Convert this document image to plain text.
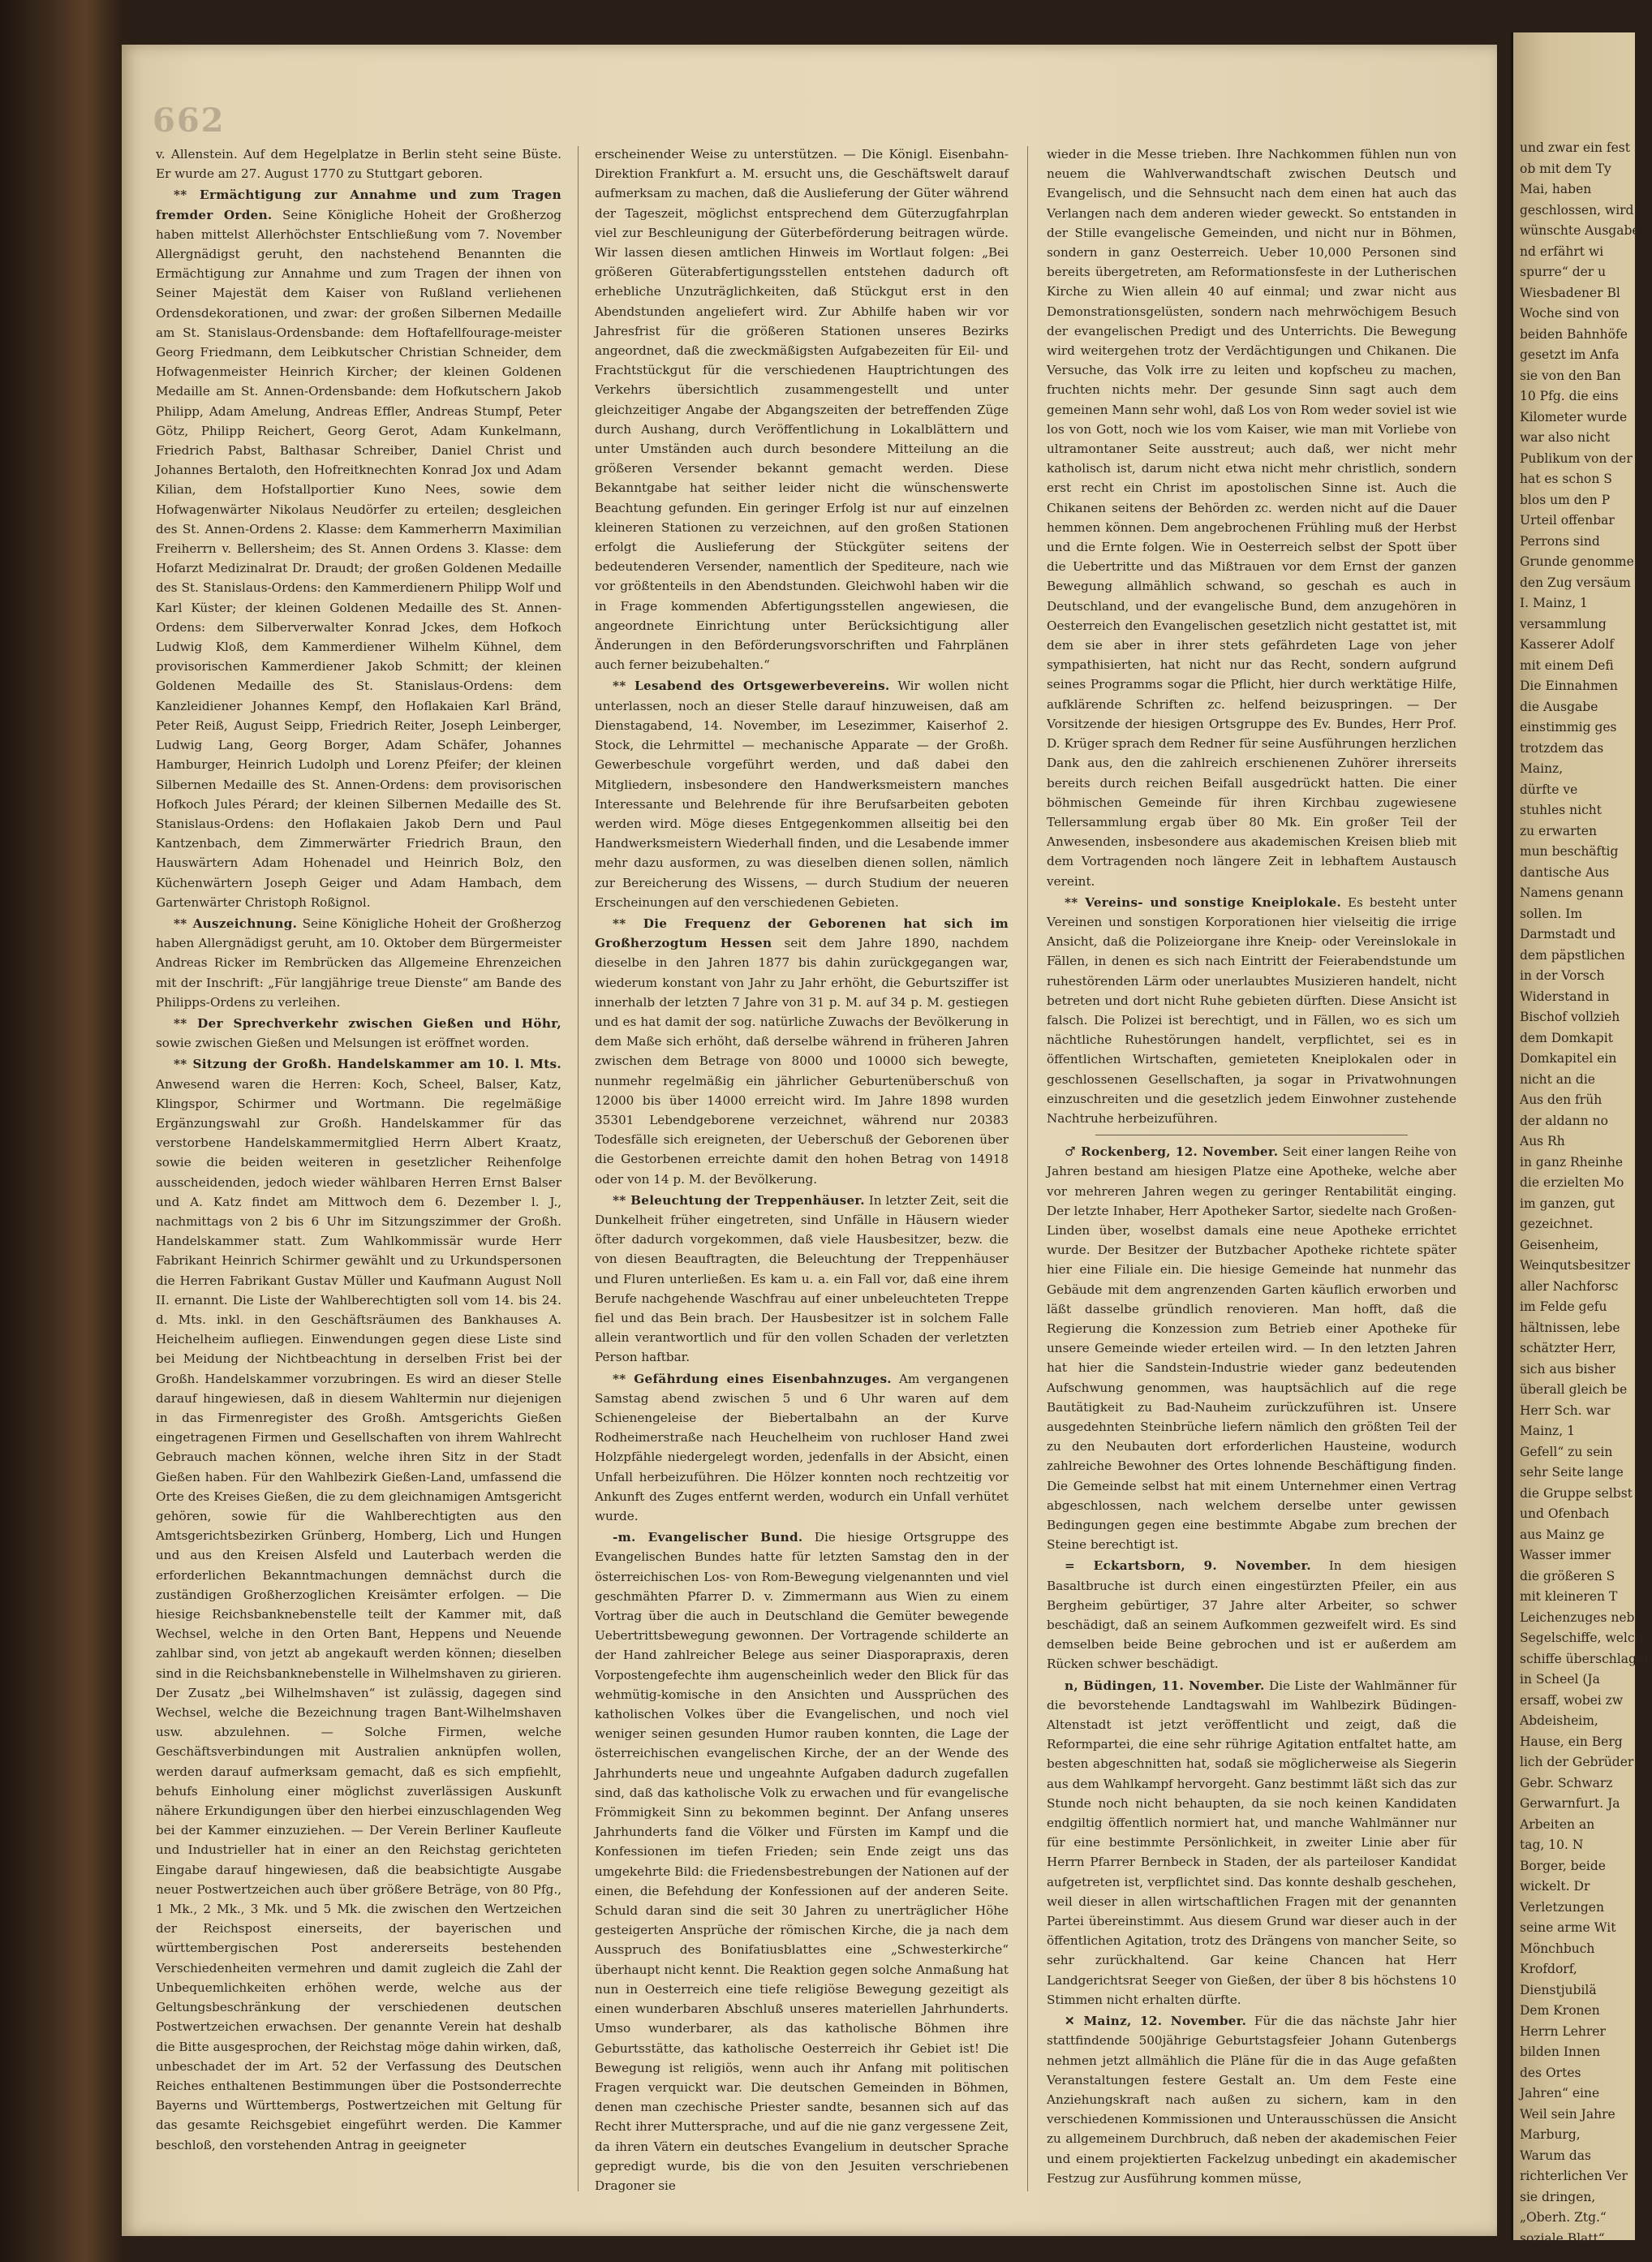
662

v. Allenstein. Auf dem Hegelplatze in Berlin steht seine Büste. Er wurde am 27. August 1770 zu Stuttgart geboren.

** Ermächtigung zur Annahme und zum Tragen fremder Orden. Seine Königliche Hoheit der Großherzog haben mittelst Allerhöchster Entschließung vom 7. November Allergnädigst geruht, den nachstehend Benannten die Ermächtigung zur Annahme und zum Tragen der ihnen von Seiner Majestät dem Kaiser von Rußland verliehenen Ordensdekorationen, und zwar: der großen Silbernen Medaille am St. Stanislaus-Ordensbande: dem Hoftafellfourage-meister Georg Friedmann, dem Leibkutscher Christian Schneider, dem Hofwagenmeister Heinrich Kircher; der kleinen Goldenen Medaille am St. Annen-Ordensbande: dem Hofkutschern Jakob Philipp, Adam Amelung, Andreas Effler, Andreas Stumpf, Peter Götz, Philipp Reichert, Georg Gerot, Adam Kunkelmann, Friedrich Pabst, Balthasar Schreiber, Daniel Christ und Johannes Bertaloth, den Hofreitknechten Konrad Jox und Adam Kilian, dem Hofstallportier Kuno Nees, sowie dem Hofwagenwärter Nikolaus Neudörfer zu erteilen; desgleichen des St. Annen-Ordens 2. Klasse: dem Kammerherrn Maximilian Freiherrn v. Bellersheim; des St. Annen Ordens 3. Klasse: dem Hofarzt Medizinalrat Dr. Draudt; der großen Goldenen Medaille des St. Stanislaus-Ordens: den Kammerdienern Philipp Wolf und Karl Küster; der kleinen Goldenen Medaille des St. Annen-Ordens: dem Silberverwalter Konrad Jckes, dem Hofkoch Ludwig Kloß, dem Kammerdiener Wilhelm Kühnel, dem provisorischen Kammerdiener Jakob Schmitt; der kleinen Goldenen Medaille des St. Stanislaus-Ordens: dem Kanzleidiener Johannes Kempf, den Hoflakaien Karl Bränd, Peter Reiß, August Seipp, Friedrich Reiter, Joseph Leinberger, Ludwig Lang, Georg Borger, Adam Schäfer, Johannes Hamburger, Heinrich Ludolph und Lorenz Pfeifer; der kleinen Silbernen Medaille des St. Annen-Ordens: dem provisorischen Hofkoch Jules Pérard; der kleinen Silbernen Medaille des St. Stanislaus-Ordens: den Hoflakaien Jakob Dern und Paul Kantzenbach, dem Zimmerwärter Friedrich Braun, den Hauswärtern Adam Hohenadel und Heinrich Bolz, den Küchenwärtern Joseph Geiger und Adam Hambach, dem Gartenwärter Christoph Roßignol.

** Auszeichnung. Seine Königliche Hoheit der Großherzog haben Allergnädigst geruht, am 10. Oktober dem Bürgermeister Andreas Ricker im Rembrücken das Allgemeine Ehrenzeichen mit der Inschrift: „Für langjährige treue Dienste“ am Bande des Philipps-Ordens zu verleihen.

** Der Sprechverkehr zwischen Gießen und Höhr, sowie zwischen Gießen und Melsungen ist eröffnet worden.

** Sitzung der Großh. Handelskammer am 10. l. Mts. Anwesend waren die Herren: Koch, Scheel, Balser, Katz, Klingspor, Schirmer und Wortmann. Die regelmäßige Ergänzungswahl zur Großh. Handelskammer für das verstorbene Handelskammermitglied Herrn Albert Kraatz, sowie die beiden weiteren in gesetzlicher Reihenfolge ausscheidenden, jedoch wieder wählbaren Herren Ernst Balser und A. Katz findet am Mittwoch dem 6. Dezember l. J., nachmittags von 2 bis 6 Uhr im Sitzungszimmer der Großh. Handelskammer statt. Zum Wahlkommissär wurde Herr Fabrikant Heinrich Schirmer gewählt und zu Urkundspersonen die Herren Fabrikant Gustav Müller und Kaufmann August Noll II. ernannt. Die Liste der Wahlberechtigten soll vom 14. bis 24. d. Mts. inkl. in den Geschäftsräumen des Bankhauses A. Heichelheim aufliegen. Einwendungen gegen diese Liste sind bei Meidung der Nichtbeachtung in derselben Frist bei der Großh. Handelskammer vorzubringen. Es wird an dieser Stelle darauf hingewiesen, daß in diesem Wahltermin nur diejenigen in das Firmenregister des Großh. Amtsgerichts Gießen eingetragenen Firmen und Gesellschaften von ihrem Wahlrecht Gebrauch machen können, welche ihren Sitz in der Stadt Gießen haben. Für den Wahlbezirk Gießen-Land, umfassend die Orte des Kreises Gießen, die zu dem gleichnamigen Amtsgericht gehören, sowie für die Wahlberechtigten aus den Amtsgerichtsbezirken Grünberg, Homberg, Lich und Hungen und aus den Kreisen Alsfeld und Lauterbach werden die erforderlichen Bekanntmachungen demnächst durch die zuständigen Großherzoglichen Kreisämter erfolgen. — Die hiesige Reichsbanknebenstelle teilt der Kammer mit, daß Wechsel, welche in den Orten Bant, Heppens und Neuende zahlbar sind, von jetzt ab angekauft werden können; dieselben sind in die Reichsbanknebenstelle in Wilhelmshaven zu girieren. Der Zusatz „bei Wilhelmshaven“ ist zulässig, dagegen sind Wechsel, welche die Bezeichnung tragen Bant-Wilhelmshaven usw. abzulehnen. — Solche Firmen, welche Geschäftsverbindungen mit Australien anknüpfen wollen, werden darauf aufmerksam gemacht, daß es sich empfiehlt, behufs Einholung einer möglichst zuverlässigen Auskunft nähere Erkundigungen über den hierbei einzuschlagenden Weg bei der Kammer einzuziehen. — Der Verein Berliner Kaufleute und Industrieller hat in einer an den Reichstag gerichteten Eingabe darauf hingewiesen, daß die beabsichtigte Ausgabe neuer Postwertzeichen auch über größere Beträge, von 80 Pfg., 1 Mk., 2 Mk., 3 Mk. und 5 Mk. die zwischen den Wertzeichen der Reichspost einerseits, der bayerischen und württembergischen Post andererseits bestehenden Verschiedenheiten vermehren und damit zugleich die Zahl der Unbequemlichkeiten erhöhen werde, welche aus der Geltungsbeschränkung der verschiedenen deutschen Postwertzeichen erwachsen. Der genannte Verein hat deshalb die Bitte ausgesprochen, der Reichstag möge dahin wirken, daß, unbeschadet der im Art. 52 der Verfassung des Deutschen Reiches enthaltenen Bestimmungen über die Postsonderrechte Bayerns und Württembergs, Postwertzeichen mit Geltung für das gesamte Reichsgebiet eingeführt werden. Die Kammer beschloß, den vorstehenden Antrag in geeigneter

erscheinender Weise zu unterstützen. — Die Königl. Eisenbahn-Direktion Frankfurt a. M. ersucht uns, die Geschäftswelt darauf aufmerksam zu machen, daß die Auslieferung der Güter während der Tageszeit, möglichst entsprechend dem Güterzugfahrplan viel zur Beschleunigung der Güterbeförderung beitragen würde. Wir lassen diesen amtlichen Hinweis im Wortlaut folgen: „Bei größeren Güterabfertigungsstellen entstehen dadurch oft erhebliche Unzuträglichkeiten, daß Stückgut erst in den Abendstunden angeliefert wird. Zur Abhilfe haben wir vor Jahresfrist für die größeren Stationen unseres Bezirks angeordnet, daß die zweckmäßigsten Aufgabezeiten für Eil- und Frachtstückgut für die verschiedenen Hauptrichtungen des Verkehrs übersichtlich zusammengestellt und unter gleichzeitiger Angabe der Abgangszeiten der betreffenden Züge durch Aushang, durch Veröffentlichung in Lokalblättern und unter Umständen auch durch besondere Mitteilung an die größeren Versender bekannt gemacht werden. Diese Bekanntgabe hat seither leider nicht die wünschenswerte Beachtung gefunden. Ein geringer Erfolg ist nur auf einzelnen kleineren Stationen zu verzeichnen, auf den großen Stationen erfolgt die Auslieferung der Stückgüter seitens der bedeutenderen Versender, namentlich der Spediteure, nach wie vor größtenteils in den Abendstunden. Gleichwohl haben wir die in Frage kommenden Abfertigungsstellen angewiesen, die angeordnete Einrichtung unter Berücksichtigung aller Änderungen in den Beförderungsvorschriften und Fahrplänen auch ferner beizubehalten.“

** Lesabend des Ortsgewerbevereins. Wir wollen nicht unterlassen, noch an dieser Stelle darauf hinzuweisen, daß am Dienstagabend, 14. November, im Lesezimmer, Kaiserhof 2. Stock, die Lehrmittel — mechanische Apparate — der Großh. Gewerbeschule vorgeführt werden, und daß dabei den Mitgliedern, insbesondere den Handwerksmeistern manches Interessante und Belehrende für ihre Berufsarbeiten geboten werden wird. Möge dieses Entgegenkommen allseitig bei den Handwerksmeistern Wiederhall finden, und die Lesabende immer mehr dazu ausformen, zu was dieselben dienen sollen, nämlich zur Bereicherung des Wissens, — durch Studium der neueren Erscheinungen auf den verschiedenen Gebieten.

** Die Frequenz der Geborenen hat sich im Großherzogtum Hessen seit dem Jahre 1890, nachdem dieselbe in den Jahren 1877 bis dahin zurückgegangen war, wiederum konstant von Jahr zu Jahr erhöht, die Geburtsziffer ist innerhalb der letzten 7 Jahre von 31 p. M. auf 34 p. M. gestiegen und es hat damit der sog. natürliche Zuwachs der Bevölkerung in dem Maße sich erhöht, daß derselbe während in früheren Jahren zwischen dem Betrage von 8000 und 10000 sich bewegte, nunmehr regelmäßig ein jährlicher Geburtenüberschuß von 12000 bis über 14000 erreicht wird. Im Jahre 1898 wurden 35301 Lebendgeborene verzeichnet, während nur 20383 Todesfälle sich ereigneten, der Ueberschuß der Geborenen über die Gestorbenen erreichte damit den hohen Betrag von 14918 oder von 14 p. M. der Bevölkerung.

** Beleuchtung der Treppenhäuser. In letzter Zeit, seit die Dunkelheit früher eingetreten, sind Unfälle in Häusern wieder öfter dadurch vorgekommen, daß viele Hausbesitzer, bezw. die von diesen Beauftragten, die Beleuchtung der Treppenhäuser und Fluren unterließen. Es kam u. a. ein Fall vor, daß eine ihrem Berufe nachgehende Waschfrau auf einer unbeleuchteten Treppe fiel und das Bein brach. Der Hausbesitzer ist in solchem Falle allein verantwortlich und für den vollen Schaden der verletzten Person haftbar.

** Gefährdung eines Eisenbahnzuges. Am vergangenen Samstag abend zwischen 5 und 6 Uhr waren auf dem Schienengeleise der Biebertalbahn an der Kurve Rodheimerstraße nach Heuchelheim von ruchloser Hand zwei Holzpfähle niedergelegt worden, jedenfalls in der Absicht, einen Unfall herbeizuführen. Die Hölzer konnten noch rechtzeitig vor Ankunft des Zuges entfernt werden, wodurch ein Unfall verhütet wurde.

-m. Evangelischer Bund. Die hiesige Ortsgruppe des Evangelischen Bundes hatte für letzten Samstag den in der österreichischen Los- von Rom-Bewegung vielgenannten und viel geschmähten Pfarrer D. v. Zimmermann aus Wien zu einem Vortrag über die auch in Deutschland die Gemüter bewegende Uebertrittsbewegung gewonnen. Der Vortragende schilderte an der Hand zahlreicher Belege aus seiner Diasporapraxis, deren Vorpostengefechte ihm augenscheinlich weder den Blick für das wehmütig-komische in den Ansichten und Aussprüchen des katholischen Volkes über die Evangelischen, und noch viel weniger seinen gesunden Humor rauben konnten, die Lage der österreichischen evangelischen Kirche, der an der Wende des Jahrhunderts neue und ungeahnte Aufgaben dadurch zugefallen sind, daß das katholische Volk zu erwachen und für evangelische Frömmigkeit Sinn zu bekommen beginnt. Der Anfang unseres Jahrhunderts fand die Völker und Fürsten im Kampf und die Konfessionen im tiefen Frieden; sein Ende zeigt uns das umgekehrte Bild: die Friedensbestrebungen der Nationen auf der einen, die Befehdung der Konfessionen auf der anderen Seite. Schuld daran sind die seit 30 Jahren zu unerträglicher Höhe gesteigerten Ansprüche der römischen Kirche, die ja nach dem Ausspruch des Bonifatiusblattes eine „Schwesterkirche“ überhaupt nicht kennt. Die Reaktion gegen solche Anmaßung hat nun in Oesterreich eine tiefe religiöse Bewegung gezeitigt als einen wunderbaren Abschluß unseres materiellen Jahrhunderts. Umso wunderbarer, als das katholische Böhmen ihre Geburtsstätte, das katholische Oesterreich ihr Gebiet ist! Die Bewegung ist religiös, wenn auch ihr Anfang mit politischen Fragen verquickt war. Die deutschen Gemeinden in Böhmen, denen man czechische Priester sandte, besannen sich auf das Recht ihrer Muttersprache, und auf die nie ganz vergessene Zeit, da ihren Vätern ein deutsches Evangelium in deutscher Sprache gepredigt wurde, bis die von den Jesuiten verschriebenen Dragoner sie

wieder in die Messe trieben. Ihre Nachkommen fühlen nun von neuem die Wahlverwandtschaft zwischen Deutsch und Evangelisch, und die Sehnsucht nach dem einen hat auch das Verlangen nach dem anderen wieder geweckt. So entstanden in der Stille evangelische Gemeinden, und nicht nur in Böhmen, sondern in ganz Oesterreich. Ueber 10,000 Personen sind bereits übergetreten, am Reformationsfeste in der Lutherischen Kirche zu Wien allein 40 auf einmal; und zwar nicht aus Demonstrationsgelüsten, sondern nach mehrwöchigem Besuch der evangelischen Predigt und des Unterrichts. Die Bewegung wird weitergehen trotz der Verdächtigungen und Chikanen. Die Versuche, das Volk irre zu leiten und kopfscheu zu machen, fruchten nichts mehr. Der gesunde Sinn sagt auch dem gemeinen Mann sehr wohl, daß Los von Rom weder soviel ist wie los von Gott, noch wie los vom Kaiser, wie man mit Vorliebe von ultramontaner Seite ausstreut; auch daß, wer nicht mehr katholisch ist, darum nicht etwa nicht mehr christlich, sondern erst recht ein Christ im apostolischen Sinne ist. Auch die Chikanen seitens der Behörden zc. werden nicht auf die Dauer hemmen können. Dem angebrochenen Frühling muß der Herbst und die Ernte folgen. Wie in Oesterreich selbst der Spott über die Uebertritte und das Mißtrauen vor dem Ernst der ganzen Bewegung allmählich schwand, so geschah es auch in Deutschland, und der evangelische Bund, dem anzugehören in Oesterreich den Evangelischen gesetzlich nicht gestattet ist, mit dem sie aber in ihrer stets gefährdeten Lage von jeher sympathisierten, hat nicht nur das Recht, sondern aufgrund seines Programms sogar die Pflicht, hier durch werktätige Hilfe, aufklärende Schriften zc. helfend beizuspringen. — Der Vorsitzende der hiesigen Ortsgruppe des Ev. Bundes, Herr Prof. D. Krüger sprach dem Redner für seine Ausführungen herzlichen Dank aus, den die zahlreich erschienenen Zuhörer ihrerseits bereits durch reichen Beifall ausgedrückt hatten. Die einer böhmischen Gemeinde für ihren Kirchbau zugewiesene Tellersammlung ergab über 80 Mk. Ein großer Teil der Anwesenden, insbesondere aus akademischen Kreisen blieb mit dem Vortragenden noch längere Zeit in lebhaftem Austausch vereint.

** Vereins- und sonstige Kneiplokale. Es besteht unter Vereinen und sonstigen Korporationen hier vielseitig die irrige Ansicht, daß die Polizeiorgane ihre Kneip- oder Vereinslokale in Fällen, in denen es sich nach Eintritt der Feierabendstunde um ruhestörenden Lärm oder unerlaubtes Musizieren handelt, nicht betreten und dort nicht Ruhe gebieten dürften. Diese Ansicht ist falsch. Die Polizei ist berechtigt, und in Fällen, wo es sich um nächtliche Ruhestörungen handelt, verpflichtet, sei es in öffentlichen Wirtschaften, gemieteten Kneiplokalen oder in geschlossenen Gesellschaften, ja sogar in Privatwohnungen einzuschreiten und die gesetzlich jedem Einwohner zustehende Nachtruhe herbeizuführen.

♂ Rockenberg, 12. November. Seit einer langen Reihe von Jahren bestand am hiesigen Platze eine Apotheke, welche aber vor mehreren Jahren wegen zu geringer Rentabilität einging. Der letzte Inhaber, Herr Apotheker Sartor, siedelte nach Großen-Linden über, woselbst damals eine neue Apotheke errichtet wurde. Der Besitzer der Butzbacher Apotheke richtete später hier eine Filiale ein. Die hiesige Gemeinde hat nunmehr das Gebäude mit dem angrenzenden Garten käuflich erworben und läßt dasselbe gründlich renovieren. Man hofft, daß die Regierung die Konzession zum Betrieb einer Apotheke für unsere Gemeinde wieder erteilen wird. — In den letzten Jahren hat hier die Sandstein-Industrie wieder ganz bedeutenden Aufschwung genommen, was hauptsächlich auf die rege Bautätigkeit zu Bad-Nauheim zurückzuführen ist. Unsere ausgedehnten Steinbrüche liefern nämlich den größten Teil der zu den Neubauten dort erforderlichen Hausteine, wodurch zahlreiche Bewohner des Ortes lohnende Beschäftigung finden. Die Gemeinde selbst hat mit einem Unternehmer einen Vertrag abgeschlossen, nach welchem derselbe unter gewissen Bedingungen gegen eine bestimmte Abgabe zum brechen der Steine berechtigt ist.

= Eckartsborn, 9. November. In dem hiesigen Basaltbruche ist durch einen eingestürzten Pfeiler, ein aus Bergheim gebürtiger, 37 Jahre alter Arbeiter, so schwer beschädigt, daß an seinem Aufkommen gezweifelt wird. Es sind demselben beide Beine gebrochen und ist er außerdem am Rücken schwer beschädigt.

n, Büdingen, 11. November. Die Liste der Wahlmänner für die bevorstehende Landtagswahl im Wahlbezirk Büdingen-Altenstadt ist jetzt veröffentlicht und zeigt, daß die Reformpartei, die eine sehr rührige Agitation entfaltet hatte, am besten abgeschnitten hat, sodaß sie möglicherweise als Siegerin aus dem Wahlkampf hervorgeht. Ganz bestimmt läßt sich das zur Stunde noch nicht behaupten, da sie noch keinen Kandidaten endgiltig öffentlich normiert hat, und manche Wahlmänner nur für eine bestimmte Persönlichkeit, in zweiter Linie aber für Herrn Pfarrer Bernbeck in Staden, der als parteiloser Kandidat aufgetreten ist, verpflichtet sind. Das konnte deshalb geschehen, weil dieser in allen wirtschaftlichen Fragen mit der genannten Partei übereinstimmt. Aus diesem Grund war dieser auch in der öffentlichen Agitation, trotz des Drängens von mancher Seite, so sehr zurückhaltend. Gar keine Chancen hat Herr Landgerichtsrat Seeger von Gießen, der über 8 bis höchstens 10 Stimmen nicht erhalten dürfte.

✕ Mainz, 12. November. Für die das nächste Jahr hier stattfindende 500jährige Geburtstagsfeier Johann Gutenbergs nehmen jetzt allmählich die Pläne für die in das Auge gefaßten Veranstaltungen festere Gestalt an. Um dem Feste eine Anziehungskraft nach außen zu sichern, kam in den verschiedenen Kommissionen und Unterausschüssen die Ansicht zu allgemeinem Durchbruch, daß neben der akademischen Feier und einem projektierten Fackelzug unbedingt ein akademischer Festzug zur Ausführung kommen müsse,

und zwar ein fest
ob mit dem Ty
Mai, haben
geschlossen, wird
wünschte Ausgabe
nd erfährt wi
spurre“ der u
Wiesbadener Bl
Woche sind von
beiden Bahnhöfe
gesetzt im Anfa
sie von den Ban
10 Pfg. die eins
Kilometer wurde
war also nicht
Publikum von der
hat es schon S
blos um den P
Urteil offenbar
Perrons sind
Grunde genomme
den Zug versäum
I. Mainz, 1
versammlung
Kasserer Adolf
mit einem Defi
Die Einnahmen
die Ausgabe
einstimmig ges
trotzdem das
Mainz,
dürfte ve
stuhles nicht
zu erwarten
mun beschäftig
dantische Aus
Namens genann
sollen. Im
Darmstadt und
dem päpstlichen
in der Vorsch
Widerstand in
Bischof vollzieh
dem Domkapit
Domkapitel ein
nicht an die
Aus den früh
der aldann no
Aus Rh
in ganz Rheinhe
die erzielten Mo
im ganzen, gut
gezeichnet.
Geisenheim,
Weinqutsbesitzer
aller Nachforsc
im Felde gefu
hältnissen, lebe
schätzter Herr,
sich aus bisher
überall gleich be
Herr Sch. war
Mainz, 1
Gefell“ zu sein
sehr Seite lange
die Gruppe selbst
und Ofenbach
aus Mainz ge
Wasser immer
die größeren S
mit kleineren T
Leichenzuges neb
Segelschiffe, welch
schiffe überschlagen
in Scheel (Ja
ersaff, wobei zw
Abdeisheim,
Hause, ein Berg
lich der Gebrüder
Gebr. Schwarz
Gerwarnfurt. Ja
Arbeiten an
tag, 10. N
Borger, beide
wickelt. Dr
Verletzungen
seine arme Wit
Mönchbuch
Krofdorf,
Dienstjubilä
Dem Kronen
Herrn Lehrer
bilden Innen
des Ortes
Jahren“ eine
Weil sein Jahre
Marburg,
Warum das
richterlichen Ver
sie dringen,
„Oberh. Ztg.“
soziale Blatt“
